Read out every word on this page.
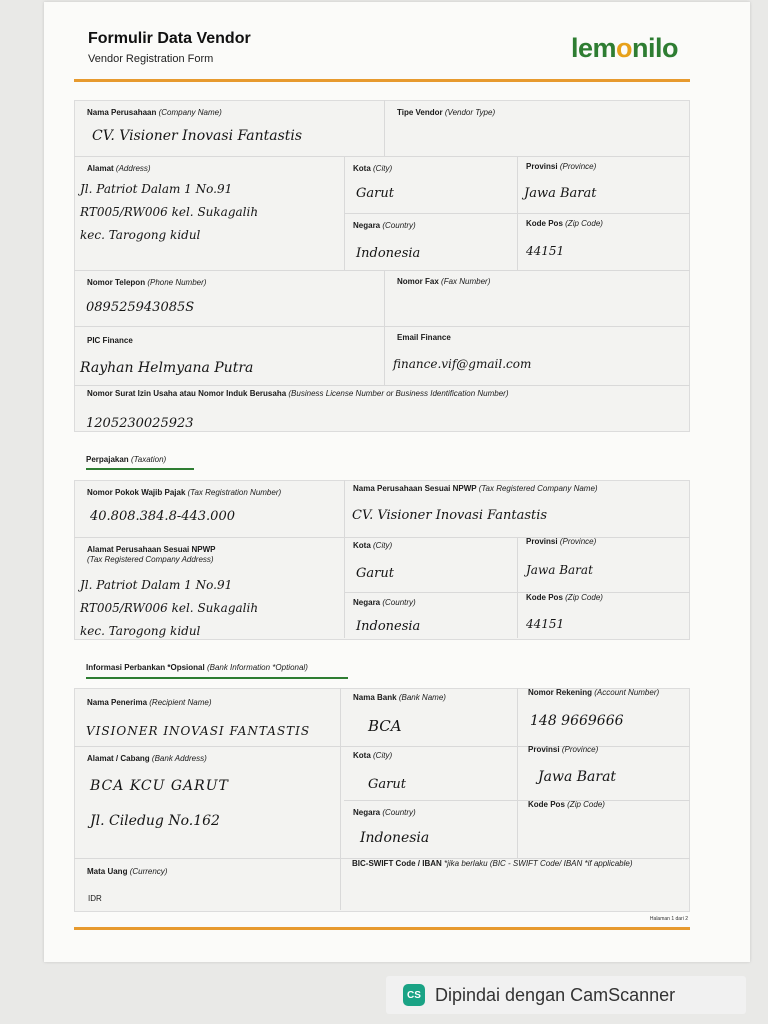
Formulir Data Vendor
Vendor Registration Form	lemonilo
Nama Perusahaan (Company Name)
CV. Visioner Inovasi Fantastis
Tipe Vendor (Vendor Type)
Alamat (Address)
Jl. Patriot Dalam 1 No.91
RT005/RW006 kel. Sukagalih
kec. Tarogong kidul
Kota (City)
Garut
Provinsi (Province)
Jawa Barat
Negara (Country)
Indonesia
Kode Pos (Zip Code)
44151
Nomor Telepon (Phone Number)
089525943085S
Nomor Fax (Fax Number)
PIC Finance
Rayhan Helmyana Putra
Email Finance
finance.vif@gmail.com
Nomor Surat Izin Usaha atau Nomor Induk Berusaha (Business License Number or Business Identification Number)
1205230025923
Perpajakan (Taxation)
Nomor Pokok Wajib Pajak (Tax Registration Number)
40.808.384.8-443.000
Nama Perusahaan Sesuai NPWP (Tax Registered Company Name)
CV. Visioner Inovasi Fantastis
Alamat Perusahaan Sesuai NPWP
(Tax Registered Company Address)
Jl. Patriot Dalam 1 No.91
RT005/RW006 kel. Sukagalih
kec. Tarogong kidul
Kota (City)
Garut
Provinsi (Province)
Jawa Barat
Negara (Country)
Indonesia
Kode Pos (Zip Code)
44151
Informasi Perbankan *Opsional (Bank Information *Optional)
Nama Penerima (Recipient Name)
VISIONER INOVASI FANTASTIS
Nama Bank (Bank Name)
BCA
Nomor Rekening (Account Number)
148 9669666
Alamat / Cabang (Bank Address)
BCA KCU GARUT
Jl. Ciledug No.162
Kota (City)
Garut
Provinsi (Province)
Jawa Barat
Negara (Country)
Indonesia
Kode Pos (Zip Code)
Mata Uang (Currency)
BIC-SWIFT Code / IBAN *jika berlaku (BIC - SWIFT Code/ IBAN *if applicable)
IDR
Halaman 1 dari 2
CS Dipindai dengan CamScanner
